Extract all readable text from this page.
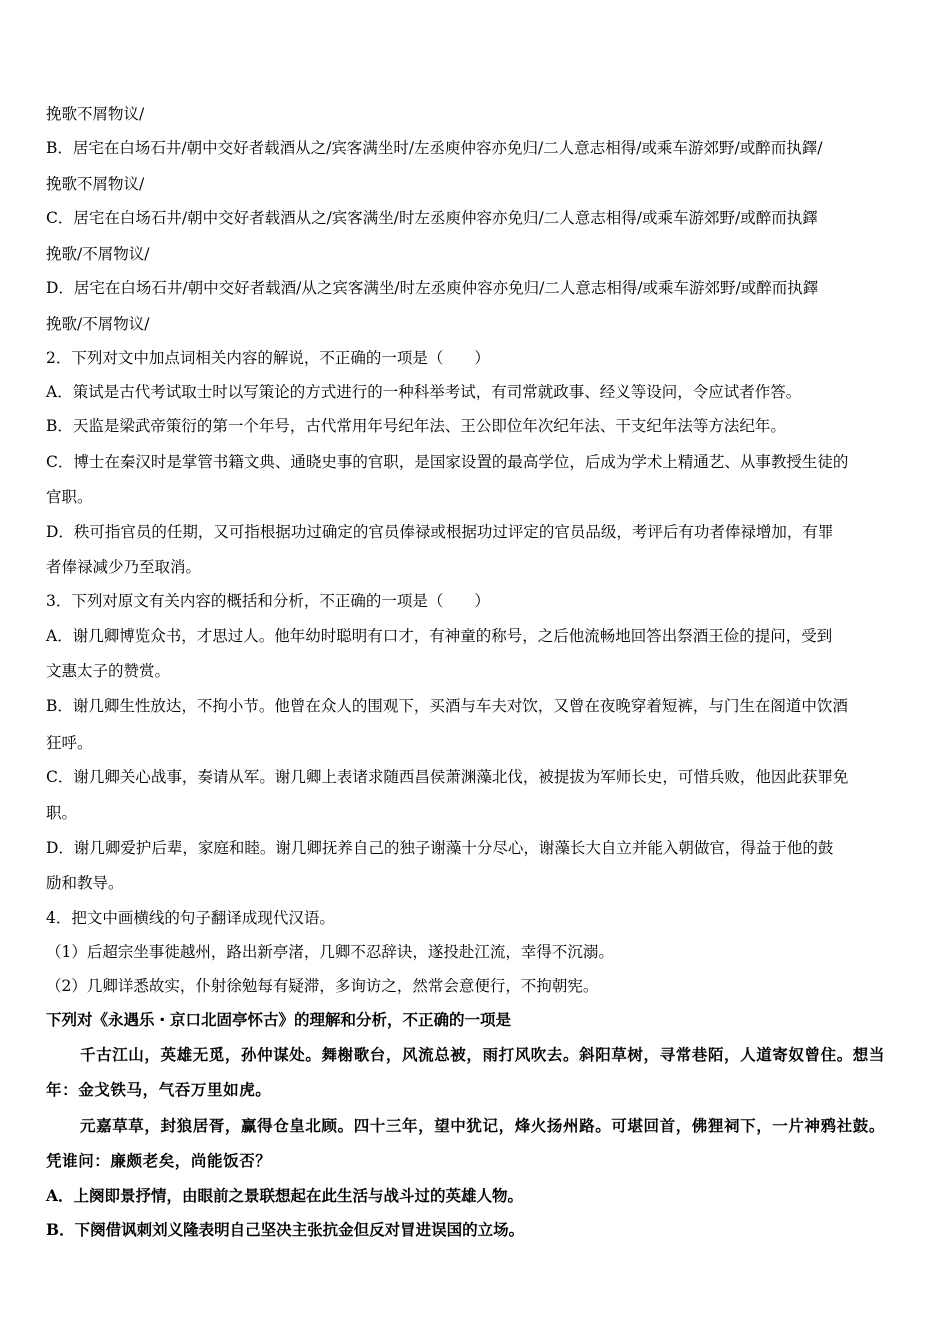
挽歌不屑物议/
B．居宅在白场石井/朝中交好者载酒从之/宾客满坐时/左丞庾仲容亦免归/二人意志相得/或乘车游郊野/或醉而执鐸/
挽歌不屑物议/
C．居宅在白场石井/朝中交好者载酒从之/宾客满坐/时左丞庾仲容亦免归/二人意志相得/或乘车游郊野/或醉而执鐸
挽歌/不屑物议/
D．居宅在白场石井/朝中交好者载酒/从之宾客满坐/时左丞庾仲容亦免归/二人意志相得/或乘车游郊野/或醉而执鐸
挽歌/不屑物议/
2．下列对文中加点词相关内容的解说，不正确的一项是（　　）
A．策试是古代考试取士时以写策论的方式进行的一种科举考试，有司常就政事、经义等设问，令应试者作答。
B．天监是梁武帝策衍的第一个年号，古代常用年号纪年法、王公即位年次纪年法、干支纪年法等方法纪年。
C．博士在秦汉时是掌管书籍文典、通晓史事的官职，是国家设置的最高学位，后成为学术上精通艺、从事教授生徒的
官职。
D．秩可指官员的任期，又可指根据功过确定的官员俸禄或根据功过评定的官员品级，考评后有功者俸禄增加，有罪
者俸禄减少乃至取消。
3．下列对原文有关内容的概括和分析，不正确的一项是（　　）
A．谢几卿博览众书，才思过人。他年幼时聪明有口才，有神童的称号，之后他流畅地回答出祭酒王俭的提问，受到
文惠太子的赞赏。
B．谢几卿生性放达，不拘小节。他曾在众人的围观下，买酒与车夫对饮，又曾在夜晚穿着短裤，与门生在阁道中饮酒
狂呼。
C．谢几卿关心战事，奏请从军。谢几卿上表诸求随西昌侯萧渊藻北伐，被提拔为军师长史，可惜兵败，他因此获罪免
职。
D．谢几卿爱护后辈，家庭和睦。谢几卿抚养自己的独子谢藻十分尽心，谢藻长大自立并能入朝做官，得益于他的鼓
励和教导。
4．把文中画横线的句子翻译成现代汉语。
（1）后超宗坐事徙越州，路出新亭渚，几卿不忍辞诀，遂投赴江流，幸得不沉溺。
（2）几卿详悉故实，仆射徐勉每有疑滞，多询访之，然常会意便行，不拘朝宪。
下列对《永遇乐・京口北固亭怀古》的理解和分析，不正确的一项是
千古江山，英雄无觅，孙仲谋处。舞榭歌台，风流总被，雨打风吹去。斜阳草树，寻常巷陌，人道寄奴曾住。想当
年：金戈铁马，气吞万里如虎。
元嘉草草，封狼居胥，赢得仓皇北顾。四十三年，望中犹记，烽火扬州路。可堪回首，佛狸祠下，一片神鸦社鼓。
凭谁问：廉颇老矣，尚能饭否？
A．上阕即景抒情，由眼前之景联想起在此生活与战斗过的英雄人物。
B．下阕借讽刺刘义隆表明自己坚决主张抗金但反对冒进误国的立场。
